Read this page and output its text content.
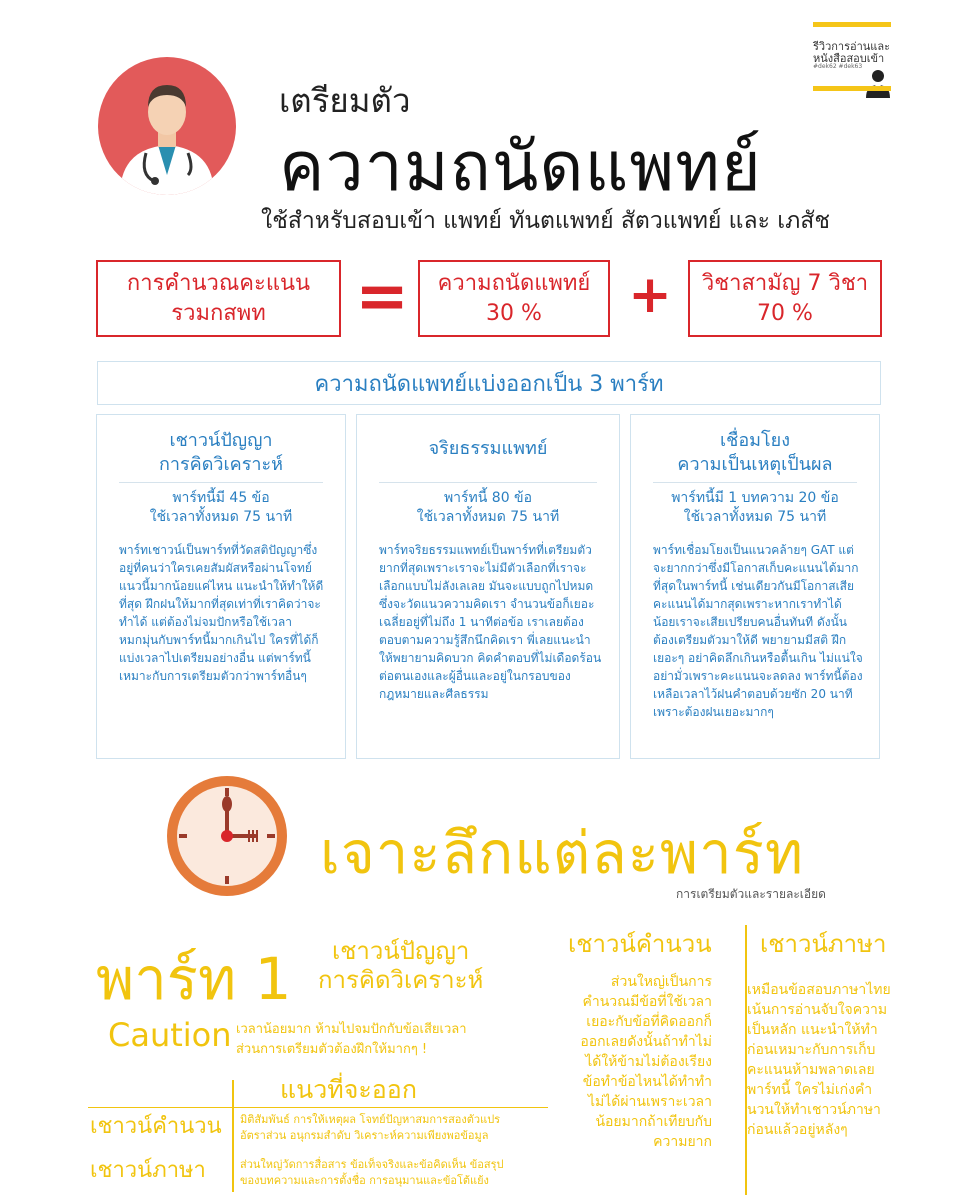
รีวิวการอ่านและ
หนังสือสอบเข้า
#dek62 #dek63
เตรียมตัว
ความถนัดแพทย์
ใช้สำหรับสอบเข้า แพทย์ ทันตแพทย์ สัตวแพทย์ และ เภสัช
การคำนวณคะแนน
รวมกสพท = ความถนัดแพทย์
30 % + วิชาสามัญ 7 วิชา
70 %
ความถนัดแพทย์แบ่งออกเป็น 3 พาร์ท
เชาวน์ปัญญา
การคิดวิเคราะห์
พาร์ทนี้มี 45 ข้อ
ใช้เวลาทั้งหมด 75 นาที
พาร์ทเชาวน์เป็นพาร์ทที่วัดสติปัญญาซึ่งอยู่ที่คนว่าใครเคยสัมผัสหรือผ่านโจทย์แนวนี้มากน้อยแค่ไหน แนะนำให้ทำให้ดีที่สุด ฝึกฝนให้มากที่สุดเท่าที่เราคิดว่าจะทำได้ แต่ต้องไม่จมปักหรือใช้เวลาหมกมุ่นกับพาร์ทนี้มากเกินไป ใครที่ได้ก็แบ่งเวลาไปเตรียมอย่างอื่น แต่พาร์ทนี้เหมาะกับการเตรียมตัวกว่าพาร์ทอื่นๆ
จริยธรรมแพทย์
พาร์ทนี้ 80 ข้อ
ใช้เวลาทั้งหมด 75 นาที
พาร์ทจริยธรรมแพทย์เป็นพาร์ทที่เตรียมตัวยากที่สุดเพราะเราจะไม่มีตัวเลือกที่เราจะเลือกแบบไม่ลังเลเลย มันจะแบบถูกไปหมด ซึ่งจะวัดแนวความคิดเรา จำนวนข้อก็เยอะเฉลี่ยอยู่ที่ไม่ถึง 1 นาทีต่อข้อ เราเลยต้องตอบตามความรู้สึกนึกคิดเรา พี่เลยแนะนำให้พยายามคิดบวก คิดคำตอบที่ไม่เดือดร้อนต่อตนเองและผู้อื่นและอยู่ในกรอบของกฎหมายและศีลธรรม
เชื่อมโยง
ความเป็นเหตุเป็นผล
พาร์ทนี้มี 1 บทความ 20 ข้อ
ใช้เวลาทั้งหมด 75 นาที
พาร์ทเชื่อมโยงเป็นแนวคล้ายๆ GAT แต่จะยากกว่าซึ่งมีโอกาสเก็บคะแนนได้มากที่สุดในพาร์ทนี้ เช่นเดียวกันมีโอกาสเสียคะแนนได้มากสุดเพราะหากเราทำได้น้อยเราจะเสียเปรียบคนอื่นทันที ดังนั้นต้องเตรียมตัวมาให้ดี พยายามมีสติ ฝึกเยอะๆ อย่าคิดลึกเกินหรือตื้นเกิน ไม่แน่ใจอย่ามั่วเพราะคะแนนจะลดลง พาร์ทนี้ต้องเหลือเวลาไว้ฝนคำตอบด้วยซัก 20 นาทีเพราะต้องฝนเยอะมากๆ
เจาะลึกแต่ละพาร์ท
การเตรียมตัวและรายละเอียด
พาร์ท 1	เชาวน์ปัญญา
การคิดวิเคราะห์
Caution เวลาน้อยมาก ห้ามไปจมปักกับข้อเสียเวลา
ส่วนการเตรียมตัวต้องฝึกให้มากๆ !
แนวที่จะออก
เชาวน์คำนวน มิติสัมพันธ์ การให้เหตุผล โจทย์ปัญหาสมการสองตัวแปร
อัตราส่วน อนุกรมสำดับ วิเคราะห์ความเพียงพอข้อมูล
เชาวน์ภาษา	ส่วนใหญ่วัดการสื่อสาร ข้อเท็จจริงและข้อคิดเห็น ข้อสรุป
ของบทความและการตั้งชื่อ การอนุมานและข้อโต้แย้ง
เชาวน์คำนวน
ส่วนใหญ่เป็นการคำนวณมีข้อที่ใช้เวลาเยอะกับข้อที่คิดออกก็ออกเลยดังนั้นถ้าทำไม่ได้ให้ข้ามไม่ต้องเรียงข้อทำข้อไหนได้ทำทำไม่ได้ผ่านเพราะเวลาน้อยมากถ้าเทียบกับความยาก
เชาวน์ภาษา
เหมือนข้อสอบภาษาไทยเน้นการอ่านจับใจความเป็นหลัก แนะนำให้ทำก่อนเหมาะกับการเก็บคะแนนห้ามพลาดเลยพาร์ทนี้ ใครไม่เก่งคำนวนให้ทำเชาวน์ภาษาก่อนแล้วอยู่หลังๆ
